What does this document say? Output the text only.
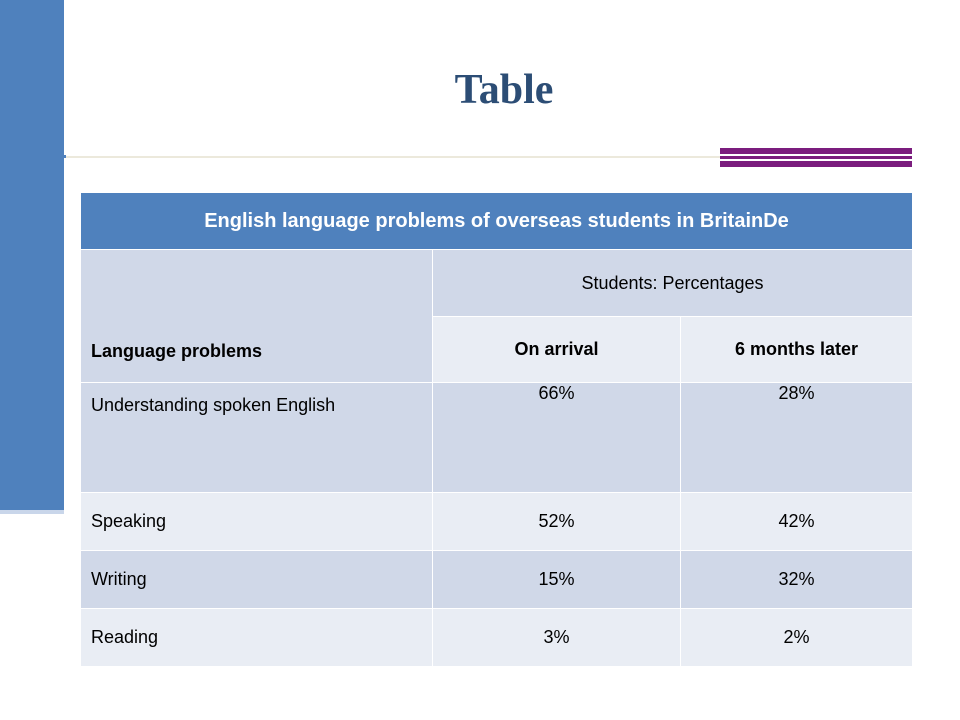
Table
English language problems of overseas students in BritainDe		
Language problems	Students: Percentages	
	On arrival	6 months later
Understanding spoken English	66%	28%
Speaking	52%	42%
Writing	15%	32%
Reading	3%	2%
